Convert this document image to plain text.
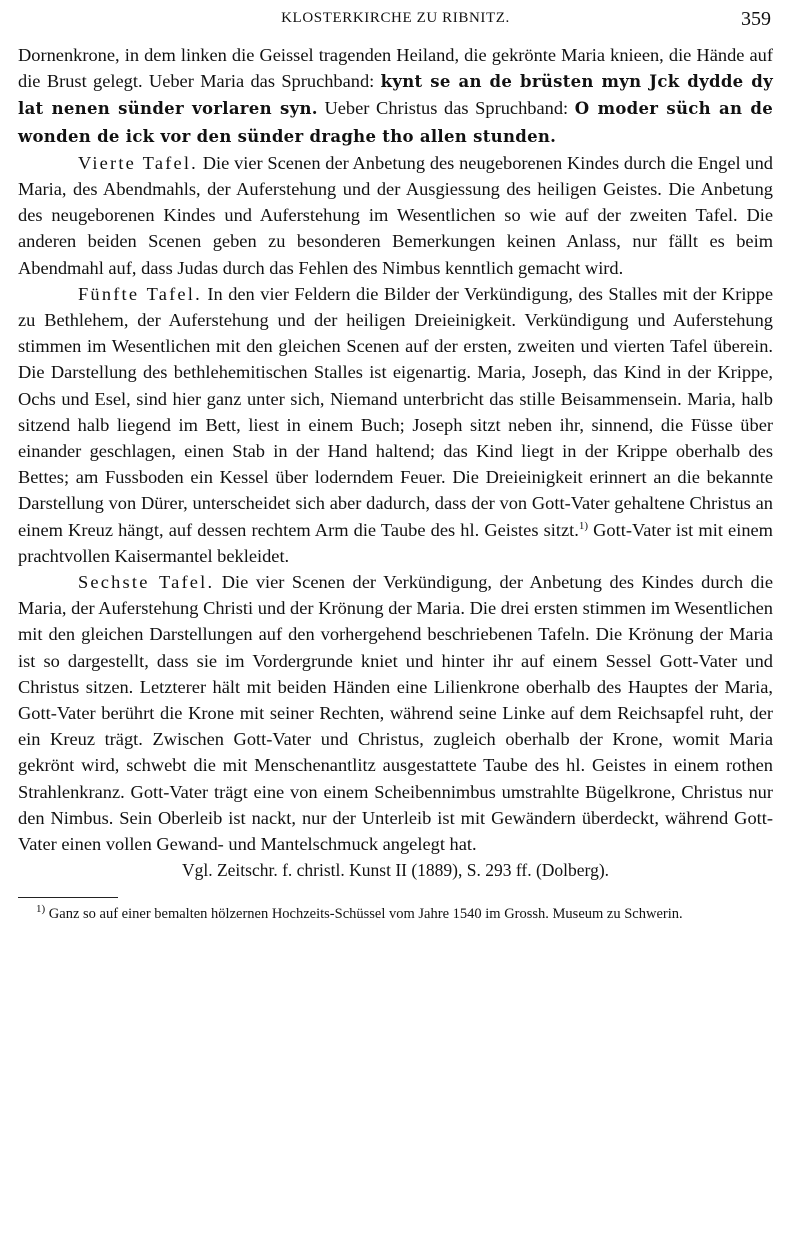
KLOSTERKIRCHE ZU RIBNITZ.	359

Dornenkrone, in dem linken die Geissel tragenden Heiland, die gekrönte Maria knieen, die Hände auf die Brust gelegt. Ueber Maria das Spruchband: kynt se an de brüsten myn Jck dydde dy lat nenen sünder vorlaren syn. Ueber Christus das Spruchband: O moder süch an de wonden de ick vor den sünder draghe tho allen stunden.

Vierte Tafel. Die vier Scenen der Anbetung des neugeborenen Kindes durch die Engel und Maria, des Abendmahls, der Auferstehung und der Ausgiessung des heiligen Geistes. Die Anbetung des neugeborenen Kindes und Auferstehung im Wesentlichen so wie auf der zweiten Tafel. Die anderen beiden Scenen geben zu besonderen Bemerkungen keinen Anlass, nur fällt es beim Abendmahl auf, dass Judas durch das Fehlen des Nimbus kenntlich gemacht wird.

Fünfte Tafel. In den vier Feldern die Bilder der Verkündigung, des Stalles mit der Krippe zu Bethlehem, der Auferstehung und der heiligen Dreieinigkeit. Verkündigung und Auferstehung stimmen im Wesentlichen mit den gleichen Scenen auf der ersten, zweiten und vierten Tafel überein. Die Darstellung des bethlehemitischen Stalles ist eigenartig. Maria, Joseph, das Kind in der Krippe, Ochs und Esel, sind hier ganz unter sich, Niemand unterbricht das stille Beisammensein. Maria, halb sitzend halb liegend im Bett, liest in einem Buch; Joseph sitzt neben ihr, sinnend, die Füsse über einander geschlagen, einen Stab in der Hand haltend; das Kind liegt in der Krippe oberhalb des Bettes; am Fussboden ein Kessel über loderndem Feuer. Die Dreieinigkeit erinnert an die bekannte Darstellung von Dürer, unterscheidet sich aber dadurch, dass der von Gott-Vater gehaltene Christus an einem Kreuz hängt, auf dessen rechtem Arm die Taube des hl. Geistes sitzt.$^{1)}$ Gott-Vater ist mit einem prachtvollen Kaisermantel bekleidet.

Sechste Tafel. Die vier Scenen der Verkündigung, der Anbetung des Kindes durch die Maria, der Auferstehung Christi und der Krönung der Maria. Die drei ersten stimmen im Wesentlichen mit den gleichen Darstellungen auf den vorhergehend beschriebenen Tafeln. Die Krönung der Maria ist so dargestellt, dass sie im Vordergrunde kniet und hinter ihr auf einem Sessel Gott-Vater und Christus sitzen. Letzterer hält mit beiden Händen eine Lilienkrone oberhalb des Hauptes der Maria, Gott-Vater berührt die Krone mit seiner Rechten, während seine Linke auf dem Reichsapfel ruht, der ein Kreuz trägt. Zwischen Gott-Vater und Christus, zugleich oberhalb der Krone, womit Maria gekrönt wird, schwebt die mit Menschenantlitz ausgestattete Taube des hl. Geistes in einem rothen Strahlenkranz. Gott-Vater trägt eine von einem Scheibennimbus umstrahlte Bügelkrone, Christus nur den Nimbus. Sein Oberleib ist nackt, nur der Unterleib ist mit Gewändern überdeckt, während Gott-Vater einen vollen Gewand- und Mantelschmuck angelegt hat.

Vgl. Zeitschr. f. christl. Kunst II (1889), S. 293 ff. (Dolberg).

$^{1)}$ Ganz so auf einer bemalten hölzernen Hochzeits-Schüssel vom Jahre 1540 im Grossh. Museum zu Schwerin.
